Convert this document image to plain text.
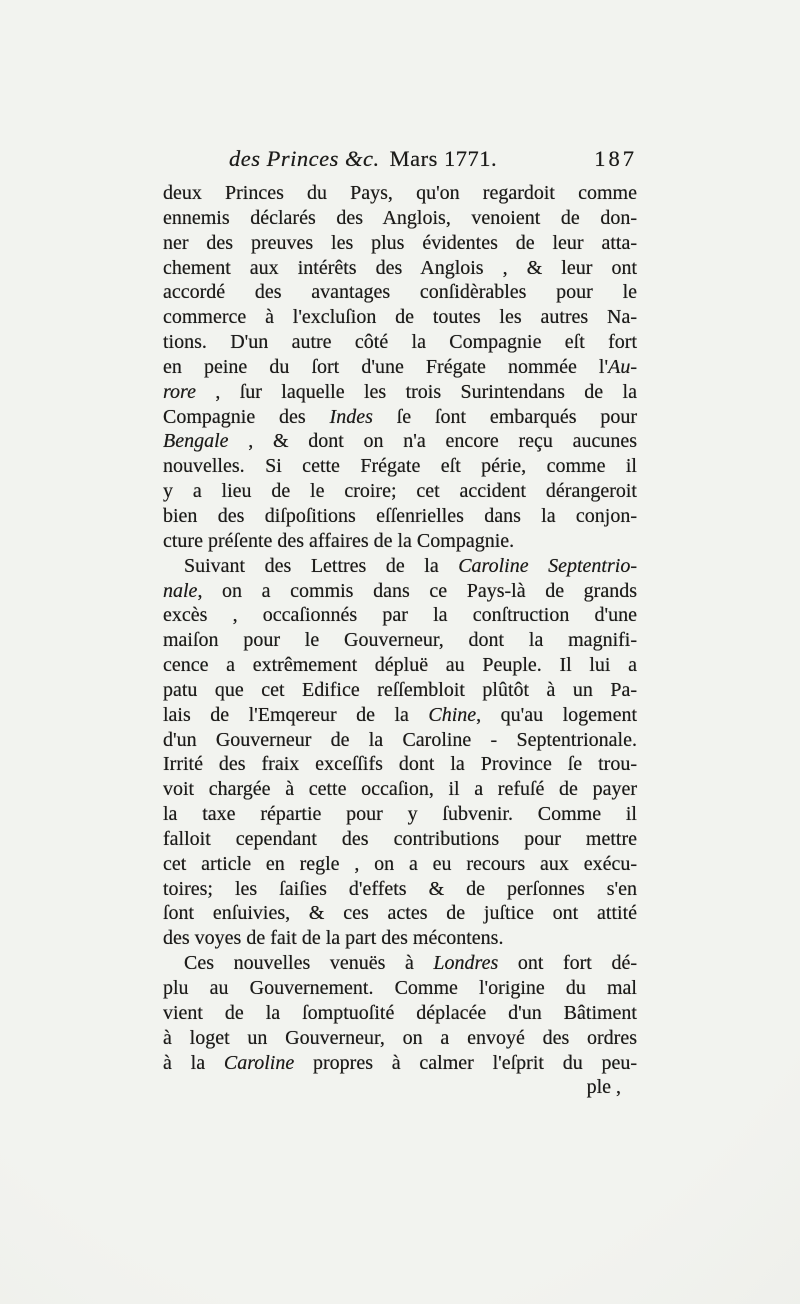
des Princes &c. Mars 1771.	187
deux Princes du Pays, qu'on regardoit comme
ennemis déclarés des Anglois, venoient de don-
ner des preuves les plus évidentes de leur atta-
chement aux intérêts des Anglois , & leur ont
accordé des avantages conſidèrables pour le
commerce à l'excluſion de toutes les autres Na-
tions. D'un autre côté la Compagnie eſt fort
en peine du ſort d'une Frégate nommée l'Au-
rore , ſur laquelle les trois Surintendans de la
Compagnie des Indes ſe ſont embarqués pour
Bengale , & dont on n'a encore reçu aucunes
nouvelles. Si cette Frégate eſt périe, comme il
y a lieu de le croire; cet accident dérangeroit
bien des diſpoſitions eſſenrielles dans la conjon-
cture préſente des affaires de la Compagnie.
Suivant des Lettres de la Caroline Septentrio-
nale, on a commis dans ce Pays-là de grands
excès , occaſionnés par la conſtruction d'une
maiſon pour le Gouverneur, dont la magnifi-
cence a extrêmement dépluë au Peuple. Il lui a
patu que cet Edifice reſſembloit plûtôt à un Pa-
lais de l'Emqereur de la Chine, qu'au logement
d'un Gouverneur de la Caroline - Septentrionale.
Irrité des fraix exceſſifs dont la Province ſe trou-
voit chargée à cette occaſion, il a refuſé de payer
la taxe répartie pour y ſubvenir. Comme il
falloit cependant des contributions pour mettre
cet article en regle , on a eu recours aux exécu-
toires; les ſaiſies d'effets & de perſonnes s'en
ſont enſuivies, & ces actes de juſtice ont attité
des voyes de fait de la part des mécontens.
Ces nouvelles venuës à Londres ont fort dé-
plu au Gouvernement. Comme l'origine du mal
vient de la ſomptuoſité déplacée d'un Bâtiment
à loget un Gouverneur, on a envoyé des ordres
à la Caroline propres à calmer l'eſprit du peu-
ple ,
